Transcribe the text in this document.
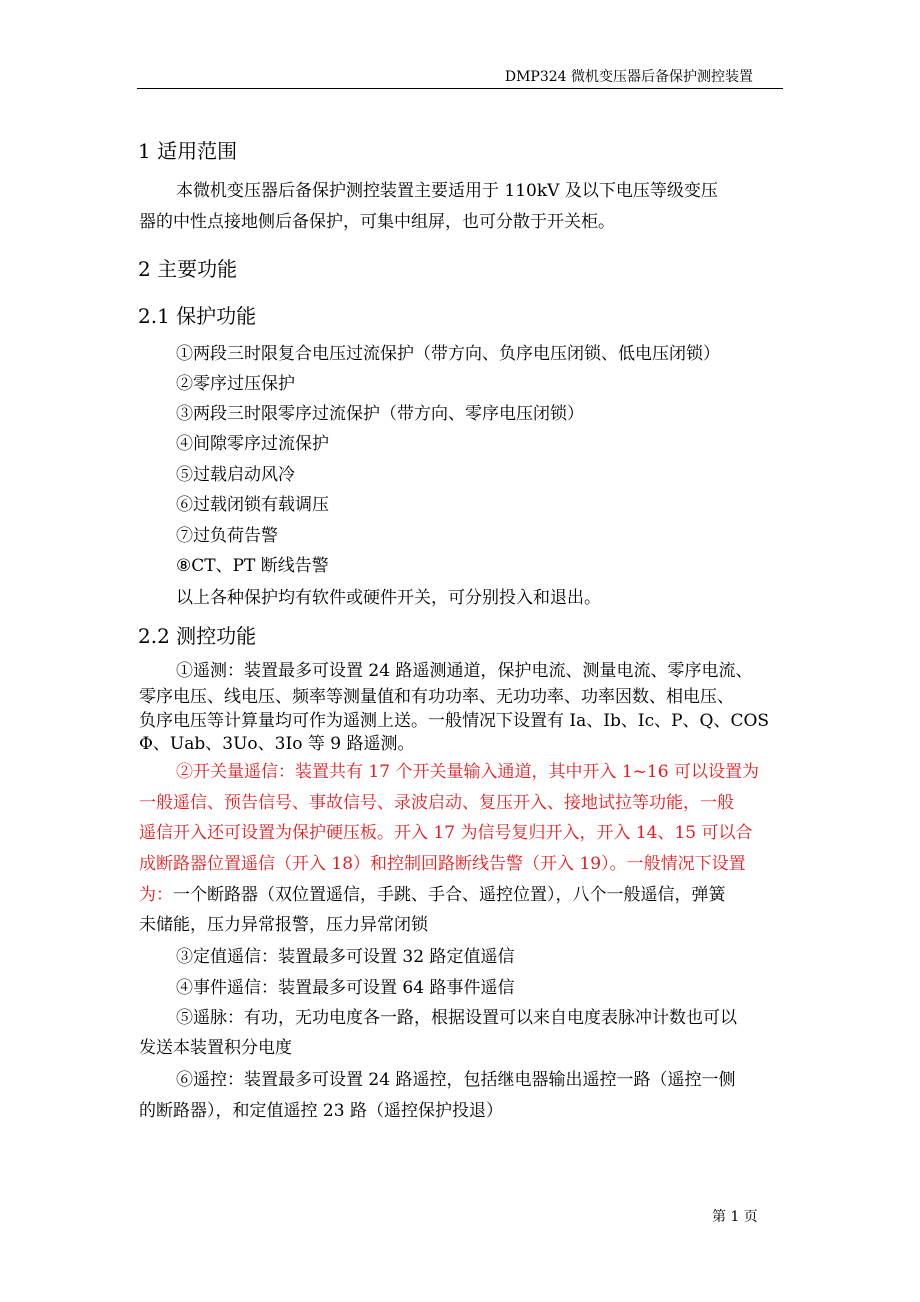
DMP324 微机变压器后备保护测控装置
1 适用范围
本微机变压器后备保护测控装置主要适用于 110kV 及以下电压等级变压
器的中性点接地侧后备保护，可集中组屏，也可分散于开关柜。
2 主要功能
2.1 保护功能
①两段三时限复合电压过流保护（带方向、负序电压闭锁、低电压闭锁）
②零序过压保护
③两段三时限零序过流保护（带方向、零序电压闭锁）
④间隙零序过流保护
⑤过载启动风冷
⑥过载闭锁有载调压
⑦过负荷告警
⑧CT、PT 断线告警
以上各种保护均有软件或硬件开关，可分别投入和退出。
2.2 测控功能
①遥测：装置最多可设置 24 路遥测通道，保护电流、测量电流、零序电流、
零序电压、线电压、频率等测量值和有功功率、无功功率、功率因数、相电压、
负序电压等计算量均可作为遥测上送。一般情况下设置有 Ia、Ib、Ic、P、Q、COS
Φ、Uab、3Uo、3Io 等 9 路遥测。
②开关量遥信：装置共有 17 个开关量输入通道，其中开入 1~16 可以设置为
一般遥信、预告信号、事故信号、录波启动、复压开入、接地试拉等功能，一般
遥信开入还可设置为保护硬压板。开入 17 为信号复归开入，开入 14、15 可以合
成断路器位置遥信（开入 18）和控制回路断线告警（开入 19）。一般情况下设置
为：一个断路器（双位置遥信，手跳、手合、遥控位置），八个一般遥信，弹簧
未储能，压力异常报警，压力异常闭锁
③定值遥信：装置最多可设置 32 路定值遥信
④事件遥信：装置最多可设置 64 路事件遥信
⑤遥脉：有功，无功电度各一路，根据设置可以来自电度表脉冲计数也可以
发送本装置积分电度
⑥遥控：装置最多可设置 24 路遥控，包括继电器输出遥控一路（遥控一侧
的断路器），和定值遥控 23 路（遥控保护投退）
第 1 页
